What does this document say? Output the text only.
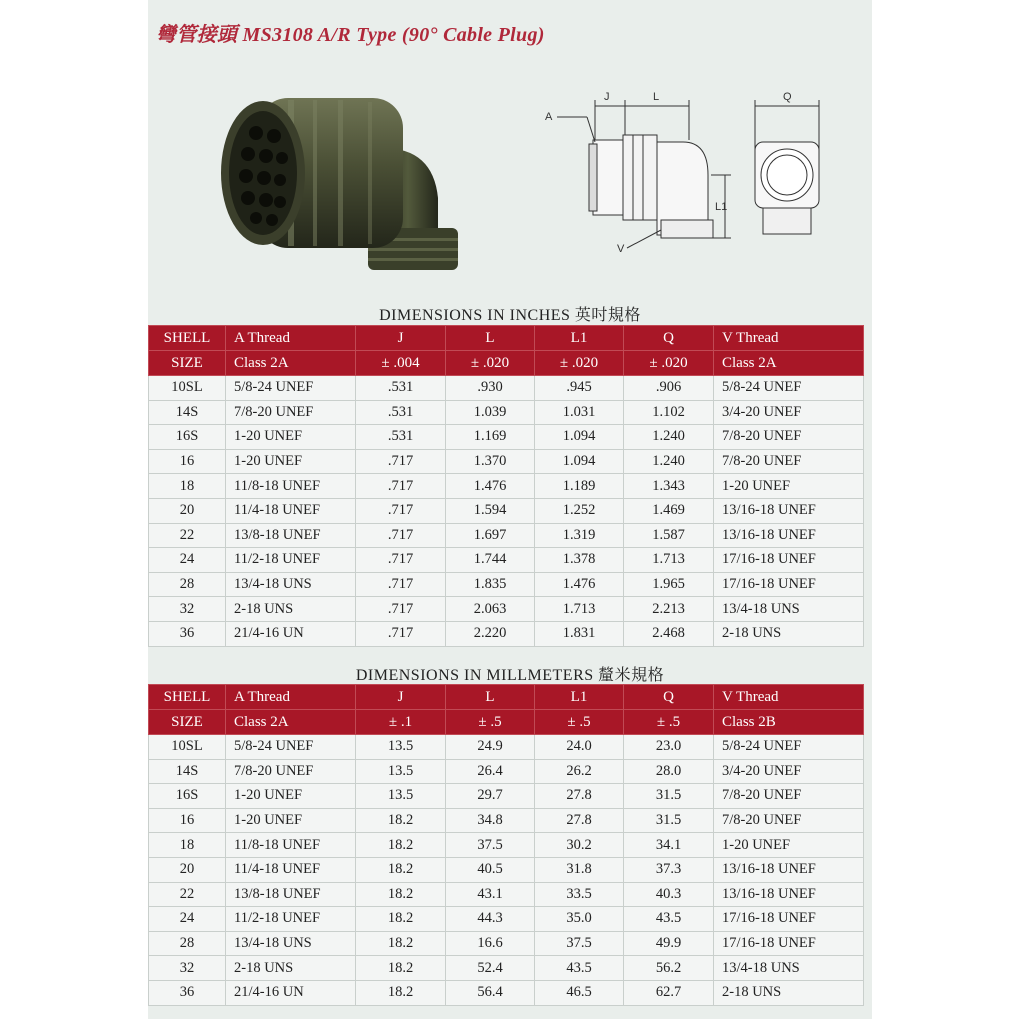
彎管接頭 MS3108 A/R Type (90° Cable Plug)
J	L
A
L1
V
Q
DIMENSIONS IN INCHES 英吋規格
SHELL	A Thread	J	L	L1	Q	V Thread
SIZE	Class 2A	± .004	± .020	± .020	± .020	Class 2A
10SL	5/8-24 UNEF	.531	.930	.945	.906	5/8-24 UNEF
14S	7/8-20 UNEF	.531	1.039	1.031	1.102	3/4-20 UNEF
16S	1-20 UNEF	.531	1.169	1.094	1.240	7/8-20 UNEF
16	1-20 UNEF	.717	1.370	1.094	1.240	7/8-20 UNEF
18	11/8-18 UNEF	.717	1.476	1.189	1.343	1-20 UNEF
20	11/4-18 UNEF	.717	1.594	1.252	1.469	13/16-18 UNEF
22	13/8-18 UNEF	.717	1.697	1.319	1.587	13/16-18 UNEF
24	11/2-18 UNEF	.717	1.744	1.378	1.713	17/16-18 UNEF
28	13/4-18 UNS	.717	1.835	1.476	1.965	17/16-18 UNEF
32	2-18 UNS	.717	2.063	1.713	2.213	13/4-18 UNS
36	21/4-16 UN	.717	2.220	1.831	2.468	2-18 UNS
DIMENSIONS IN MILLMETERS 釐米規格
SHELL	A Thread	J	L	L1	Q	V Thread
SIZE	Class 2A	± .1	± .5	± .5	± .5	Class 2B
10SL	5/8-24 UNEF	13.5	24.9	24.0	23.0	5/8-24 UNEF
14S	7/8-20 UNEF	13.5	26.4	26.2	28.0	3/4-20 UNEF
16S	1-20 UNEF	13.5	29.7	27.8	31.5	7/8-20 UNEF
16	1-20 UNEF	18.2	34.8	27.8	31.5	7/8-20 UNEF
18	11/8-18 UNEF	18.2	37.5	30.2	34.1	1-20 UNEF
20	11/4-18 UNEF	18.2	40.5	31.8	37.3	13/16-18 UNEF
22	13/8-18 UNEF	18.2	43.1	33.5	40.3	13/16-18 UNEF
24	11/2-18 UNEF	18.2	44.3	35.0	43.5	17/16-18 UNEF
28	13/4-18 UNS	18.2	16.6	37.5	49.9	17/16-18 UNEF
32	2-18 UNS	18.2	52.4	43.5	56.2	13/4-18 UNS
36	21/4-16 UN	18.2	56.4	46.5	62.7	2-18 UNS
